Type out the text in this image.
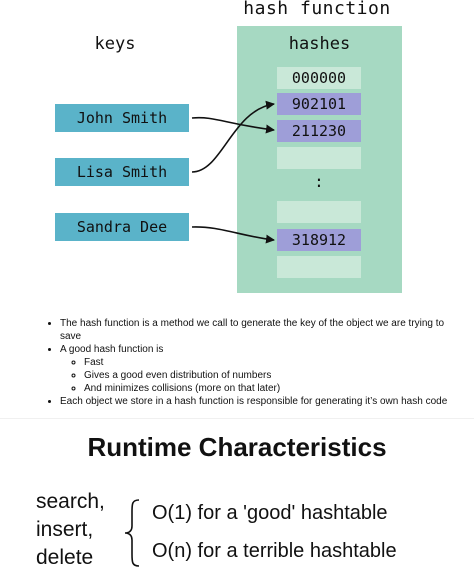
hash function
keys	hashes
000000
902101
211230
:
318912
John Smith
Lisa Smith
Sandra Dee
• The hash function is a method we call to generate the key of the object we are trying to save
• A good hash function is
◦ Fast
◦ Gives a good even distribution of numbers
◦ And minimizes collisions (more on that later)
• Each object we store in a hash function is responsible for generating it’s own hash code
Runtime Characteristics
search,
insert,
delete
O(1) for a 'good' hashtable
O(n) for a terrible hashtable
